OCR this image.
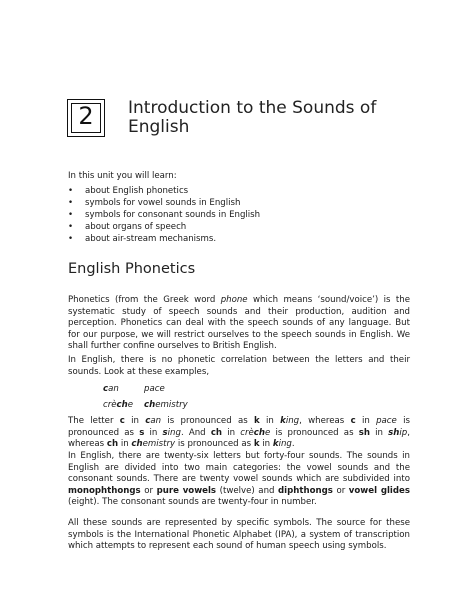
2	Introduction to the Sounds of
English
In this unit you will learn:
• about English phonetics
• symbols for vowel sounds in English
• symbols for consonant sounds in English
• about organs of speech
• about air-stream mechanisms.
English Phonetics

Phonetics (from the Greek word phone which means ‘sound/voice’) is the systematic study of speech sounds and their production, audition and perception. Phonetics can deal with the speech sounds of any language. But for our purpose, we will restrict ourselves to the speech sounds in English. We shall further confine ourselves to British English.

In English, there is no phonetic correlation between the letters and their sounds. Look at these examples,

can	pace
crèche chemistry

The letter c in can is pronounced as k in king, whereas c in pace is pronounced as s in sing. And ch in crèche is pronounced as sh in ship, whereas ch in chemistry is pronounced as k in king.

In English, there are twenty-six letters but forty-four sounds. The sounds in English are divided into two main categories: the vowel sounds and the consonant sounds. There are twenty vowel sounds which are subdivided into monophthongs or pure vowels (twelve) and diphthongs or vowel glides (eight). The consonant sounds are twenty-four in number.

All these sounds are represented by specific symbols. The source for these symbols is the International Phonetic Alphabet (IPA), a system of transcription which attempts to represent each sound of human speech using symbols.
